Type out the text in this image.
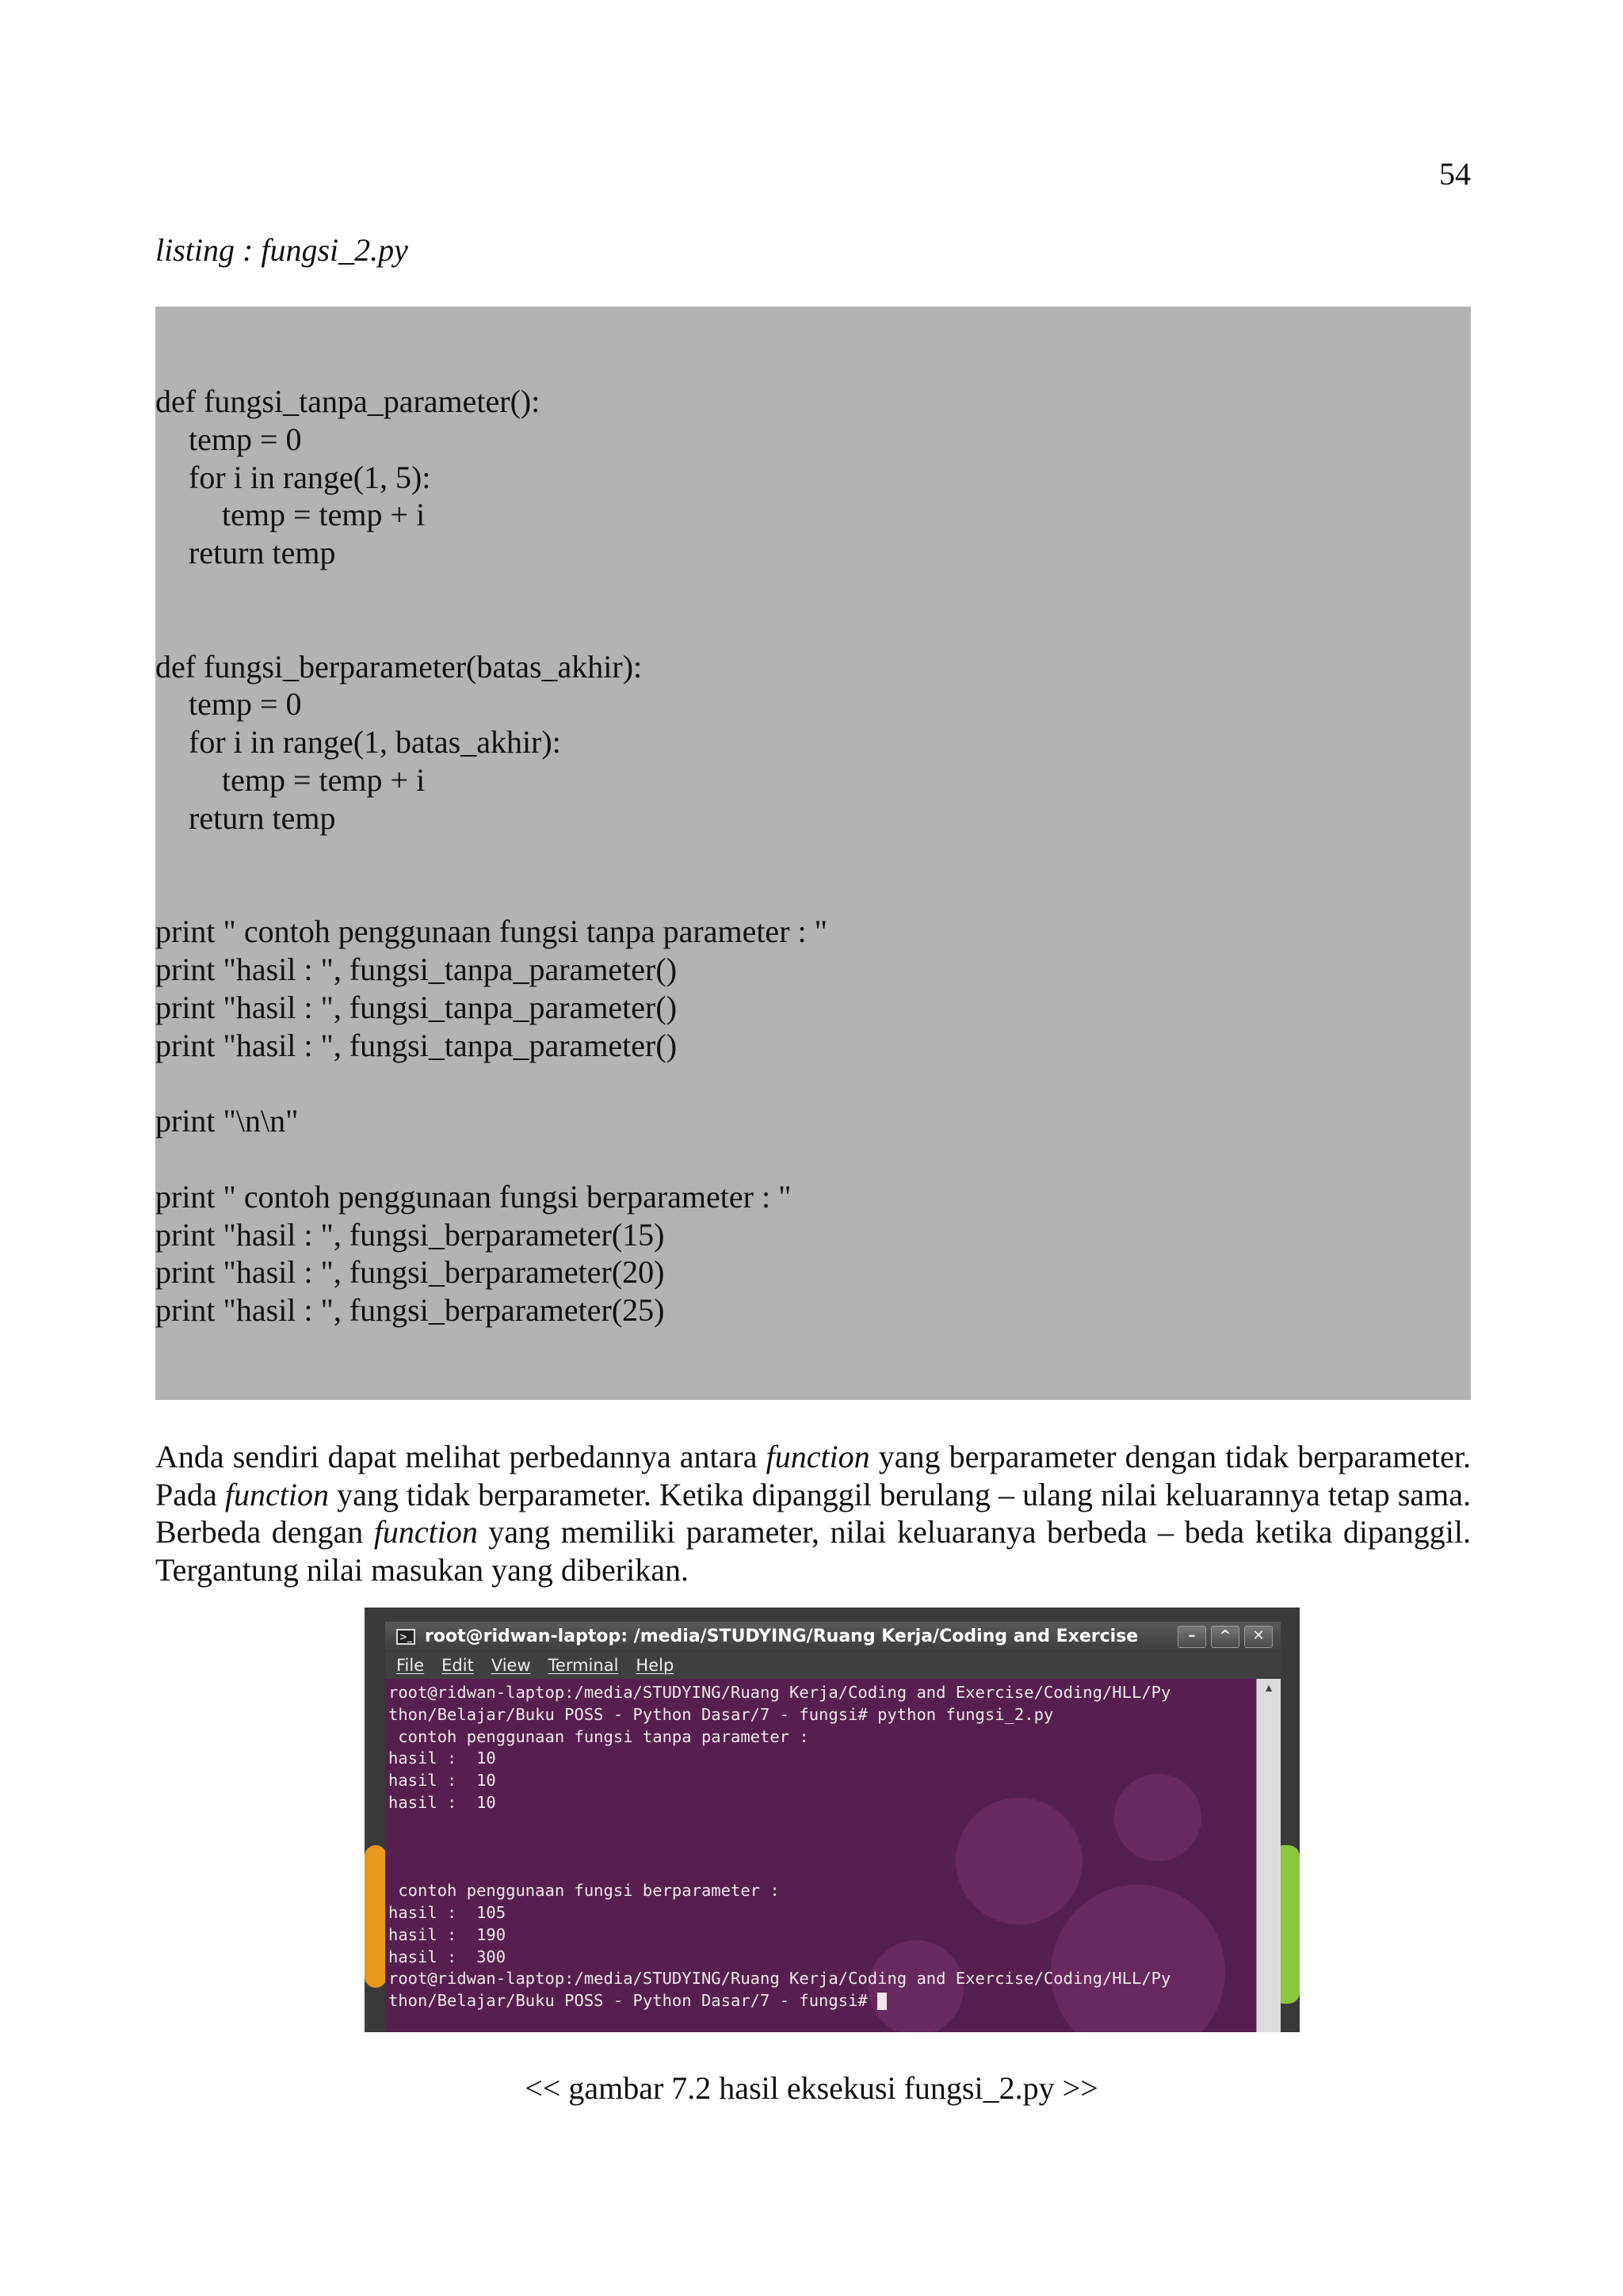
54
listing : fungsi_2.py
def fungsi_tanpa_parameter():
temp = 0
for i in range(1, 5):
temp = temp + i
return temp
def fungsi_berparameter(batas_akhir):
temp = 0
for i in range(1, batas_akhir):
temp = temp + i
return temp
print " contoh penggunaan fungsi tanpa parameter : "
print "hasil : ", fungsi_tanpa_parameter()
print "hasil : ", fungsi_tanpa_parameter()
print "hasil : ", fungsi_tanpa_parameter()
print "\n\n"
print " contoh penggunaan fungsi berparameter : "
print "hasil : ", fungsi_berparameter(15)
print "hasil : ", fungsi_berparameter(20)
print "hasil : ", fungsi_berparameter(25)
Anda sendiri dapat melihat perbedannya antara function yang berparameter dengan tidak berparameter. Pada function yang tidak berparameter. Ketika dipanggil berulang – ulang nilai keluarannya tetap sama. Berbeda dengan function yang memiliki parameter, nilai keluaranya berbeda – beda ketika dipanggil. Tergantung nilai masukan yang diberikan.
>_ root@ridwan-laptop: /media/STUDYING/Ruang Kerja/Coding and Exercise	–	^	✕
File Edit View Terminal Help
root@ridwan-laptop:/media/STUDYING/Ruang Kerja/Coding and Exercise/Coding/HLL/Py
thon/Belajar/Buku POSS - Python Dasar/7 - fungsi# python fungsi_2.py
contoh penggunaan fungsi tanpa parameter :
hasil :  10
hasil :  10
hasil :  10
contoh penggunaan fungsi berparameter :
hasil :  105
hasil :  190
hasil :  300
root@ridwan-laptop:/media/STUDYING/Ruang Kerja/Coding and Exercise/Coding/HLL/Py
thon/Belajar/Buku POSS - Python Dasar/7 - fungsi#
▲
<< gambar 7.2 hasil eksekusi fungsi_2.py >>
